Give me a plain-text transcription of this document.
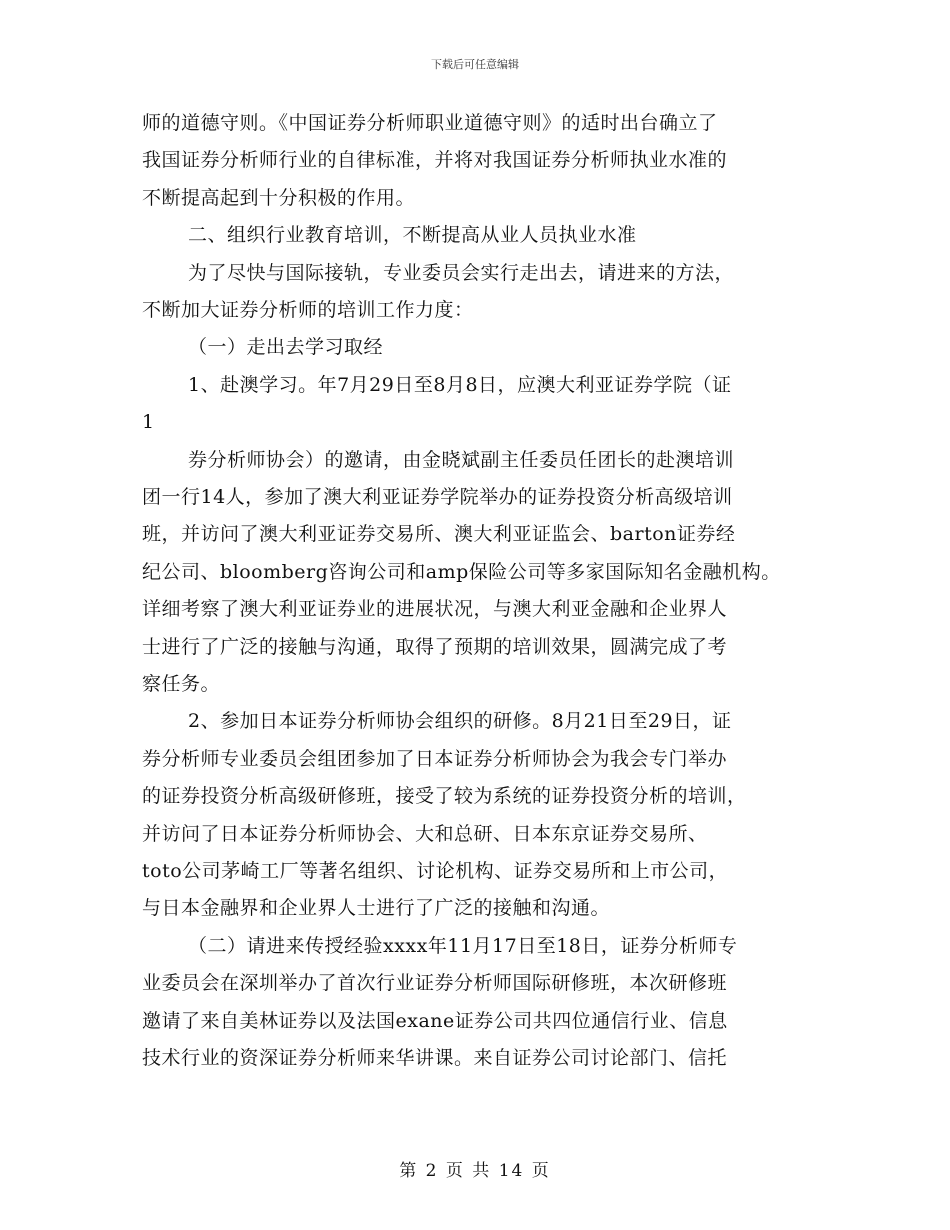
下载后可任意编辑
师的道德守则。《中国证券分析师职业道德守则》的适时出台确立了
我国证券分析师行业的自律标准，并将对我国证券分析师执业水准的
不断提高起到十分积极的作用。
二、组织行业教育培训，不断提高从业人员执业水准
为了尽快与国际接轨，专业委员会实行走出去，请进来的方法，
不断加大证券分析师的培训工作力度：
（一）走出去学习取经
1、赴澳学习。年7月29日至8月8日，应澳大利亚证券学院（证
1
券分析师协会）的邀请，由金晓斌副主任委员任团长的赴澳培训
团一行14人，参加了澳大利亚证券学院举办的证券投资分析高级培训
班，并访问了澳大利亚证券交易所、澳大利亚证监会、barton证券经
纪公司、bloomberg咨询公司和amp保险公司等多家国际知名金融机构。
详细考察了澳大利亚证券业的进展状况，与澳大利亚金融和企业界人
士进行了广泛的接触与沟通，取得了预期的培训效果，圆满完成了考
察任务。
2、参加日本证券分析师协会组织的研修。8月21日至29日，证
券分析师专业委员会组团参加了日本证券分析师协会为我会专门举办
的证券投资分析高级研修班，接受了较为系统的证券投资分析的培训，
并访问了日本证券分析师协会、大和总研、日本东京证券交易所、
toto公司茅崎工厂等著名组织、讨论机构、证券交易所和上市公司，
与日本金融界和企业界人士进行了广泛的接触和沟通。
（二）请进来传授经验xxxx年11月17日至18日，证券分析师专
业委员会在深圳举办了首次行业证券分析师国际研修班，本次研修班
邀请了来自美林证券以及法国exane证券公司共四位通信行业、信息
技术行业的资深证券分析师来华讲课。来自证券公司讨论部门、信托
第 2 页 共 14 页
